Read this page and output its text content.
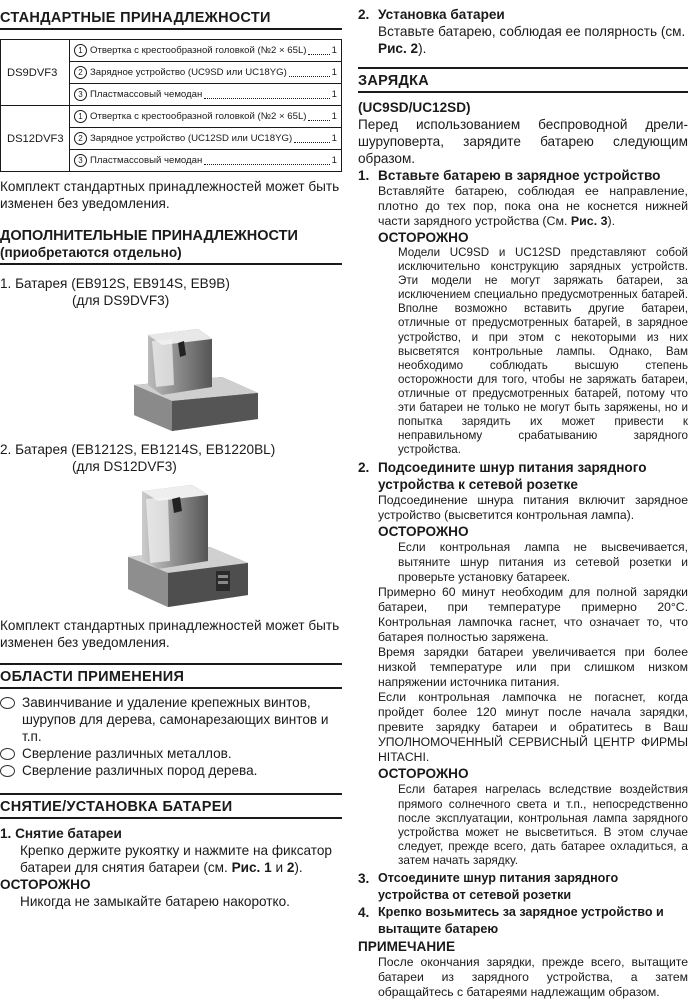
СТАНДАРТНЫЕ ПРИНАДЛЕЖНОСТИ
DS9DVF3	1 Отвертка с крестообразной головкой (№2 × 65L) 1

	2 Зарядное устройство (UC9SD или UC18YG) 1

	3 Пластмассовый чемодан 1

DS12DVF3	1 Отвертка с крестообразной головкой (№2 × 65L) 1

	2 Зарядное устройство (UC12SD или UC18YG) 1

	3 Пластмассовый чемодан 1
Комплект стандартных принадлежностей может быть изменен без уведомления.
ДОПОЛНИТЕЛЬНЫЕ ПРИНАДЛЕЖНОСТИ
(приобретаются отдельно)
1. Батарея (EB912S, EB914S, EB9B)
(для DS9DVF3)
2. Батарея (EB1212S, EB1214S, EB1220BL)
(для DS12DVF3)
Комплект стандартных принадлежностей может быть изменен без уведомления.
ОБЛАСТИ ПРИМЕНЕНИЯ
Завинчивание и удаление крепежных винтов, шурупов для дерева, самонарезающих винтов и т.п.
Сверление различных металлов.
Сверление различных пород дерева.
СНЯТИЕ/УСТАНОВКА БАТАРЕИ
1. Снятие батареи
Крепко держите рукоятку и нажмите на фиксатор батареи для снятия батареи (см. Рис. 1 и 2).
ОСТОРОЖНО
Никогда не замыкайте батарею накоротко.
2. Установка батареи
Вставьте батарею, соблюдая ее полярность (см. Рис. 2).
ЗАРЯДКА
(UC9SD/UC12SD)
Перед использованием беспроводной дрели-шуруповерта, зарядите батарею следующим образом.
1. Вставьте батарею в зарядное устройство
Вставляйте батарею, соблюдая ее направление, плотно до тех пор, пока она не коснется нижней части зарядного устройства (См. Рис. 3).
ОСТОРОЖНО
Модели UC9SD и UC12SD представляют собой исключительно конструкцию зарядных устройств. Эти модели не могут заряжать батареи, за исключением специально предусмотренных батарей. Вполне возможно вставить другие батареи, отличные от предусмотренных батарей, в зарядное устройство, и при этом с некоторыми из них высветятся контрольные лампы. Однако, Вам необходимо соблюдать высшую степень осторожности для того, чтобы не заряжать батареи, отличные от предусмотренных батарей, потому что эти батареи не только не могут быть заряжены, но и попытка зарядить их может привести к неправильному срабатыванию зарядного устройства.
2. Подсоедините шнур питания зарядного устройства к сетевой розетке
Подсоединение шнура питания включит зарядное устройство (высветится контрольная лампа).
ОСТОРОЖНО
Если контрольная лампа не высвечивается, вытяните шнур питания из сетевой розетки и проверьте установку батареек.
Примерно 60 минут необходим для полной зарядки батареи, при температуре примерно 20°С. Контрольная лампочка гаснет, что означает то, что батарея полностью заряжена.
Время зарядки батареи увеличивается при более низкой температуре или при слишком низком напряжении источника питания.
Если контрольная лампочка не погаснет, когда пройдет более 120 минут после начала зарядки, превите зарядку батареи и обратитесь в Ваш УПОЛНОМОЧЕННЫЙ СЕРВИСНЫЙ ЦЕНТР ФИРМЫ HITACHI.
ОСТОРОЖНО
Если батарея нагрелась вследствие воздействия прямого солнечного света и т.п., непосредственно после эксплуатации, контрольная лампа зарядного устройства может не высветиться. В этом случае следует, прежде всего, дать батарее охладиться, а затем начать зарядку.
3. Отсоедините шнур питания зарядного устройства от сетевой розетки
4. Крепко возьмитесь за зарядное устройство и вытащите батарею
ПРИМЕЧАНИЕ
После окончания зарядки, прежде всего, вытащите батареи из зарядного устройства, а затем обращайтесь с батареями надлежащим образом.
